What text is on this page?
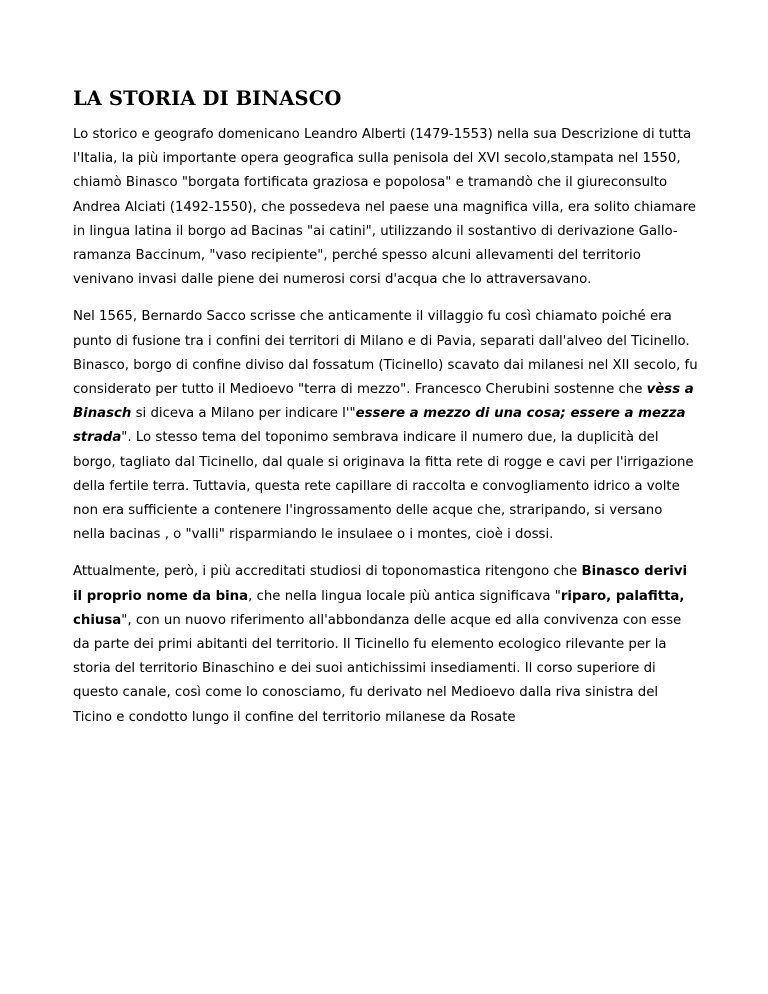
LA STORIA DI BINASCO

Lo storico e geografo domenicano Leandro Alberti (1479-1553) nella sua Descrizione di tutta l'Italia, la più importante opera geografica sulla penisola del XVI secolo,stampata nel 1550, chiamò Binasco "borgata fortificata graziosa e popolosa" e tramandò che il giureconsulto Andrea Alciati (1492-1550), che possedeva nel paese una magnifica villa, era solito chiamare in lingua latina il borgo ad Bacinas "ai catini", utilizzando il sostantivo di derivazione Gallo-ramanza Baccinum, "vaso recipiente", perché spesso alcuni allevamenti del territorio venivano invasi dalle piene dei numerosi corsi d'acqua che lo attraversavano.

Nel 1565, Bernardo Sacco scrisse che anticamente il villaggio fu così chiamato poiché era punto di fusione tra i confini dei territori di Milano e di Pavia, separati dall'alveo del Ticinello. Binasco, borgo di confine diviso dal fossatum (Ticinello) scavato dai milanesi nel XII secolo, fu considerato per tutto il Medioevo "terra di mezzo". Francesco Cherubini sostenne che vèss a Binasch si diceva a Milano per indicare l'"essere a mezzo di una cosa; essere a mezza strada". Lo stesso tema del toponimo sembrava indicare il numero due, la duplicità del borgo, tagliato dal Ticinello, dal quale si originava la fitta rete di rogge e cavi per l'irrigazione della fertile terra. Tuttavia, questa rete capillare di raccolta e convogliamento idrico a volte non era sufficiente a contenere l'ingrossamento delle acque che, straripando, si versano nella bacinas , o "valli" risparmiando le insulaee o i montes, cioè i dossi.

Attualmente, però, i più accreditati studiosi di toponomastica ritengono che Binasco derivi il proprio nome da bina, che nella lingua locale più antica significava "riparo, palafitta, chiusa", con un nuovo riferimento all'abbondanza delle acque ed alla convivenza con esse da parte dei primi abitanti del territorio. Il Ticinello fu elemento ecologico rilevante per la storia del territorio Binaschino e dei suoi antichissimi insediamenti. Il corso superiore di questo canale, così come lo conosciamo, fu derivato nel Medioevo dalla riva sinistra del Ticino e condotto lungo il confine del territorio milanese da Rosate
